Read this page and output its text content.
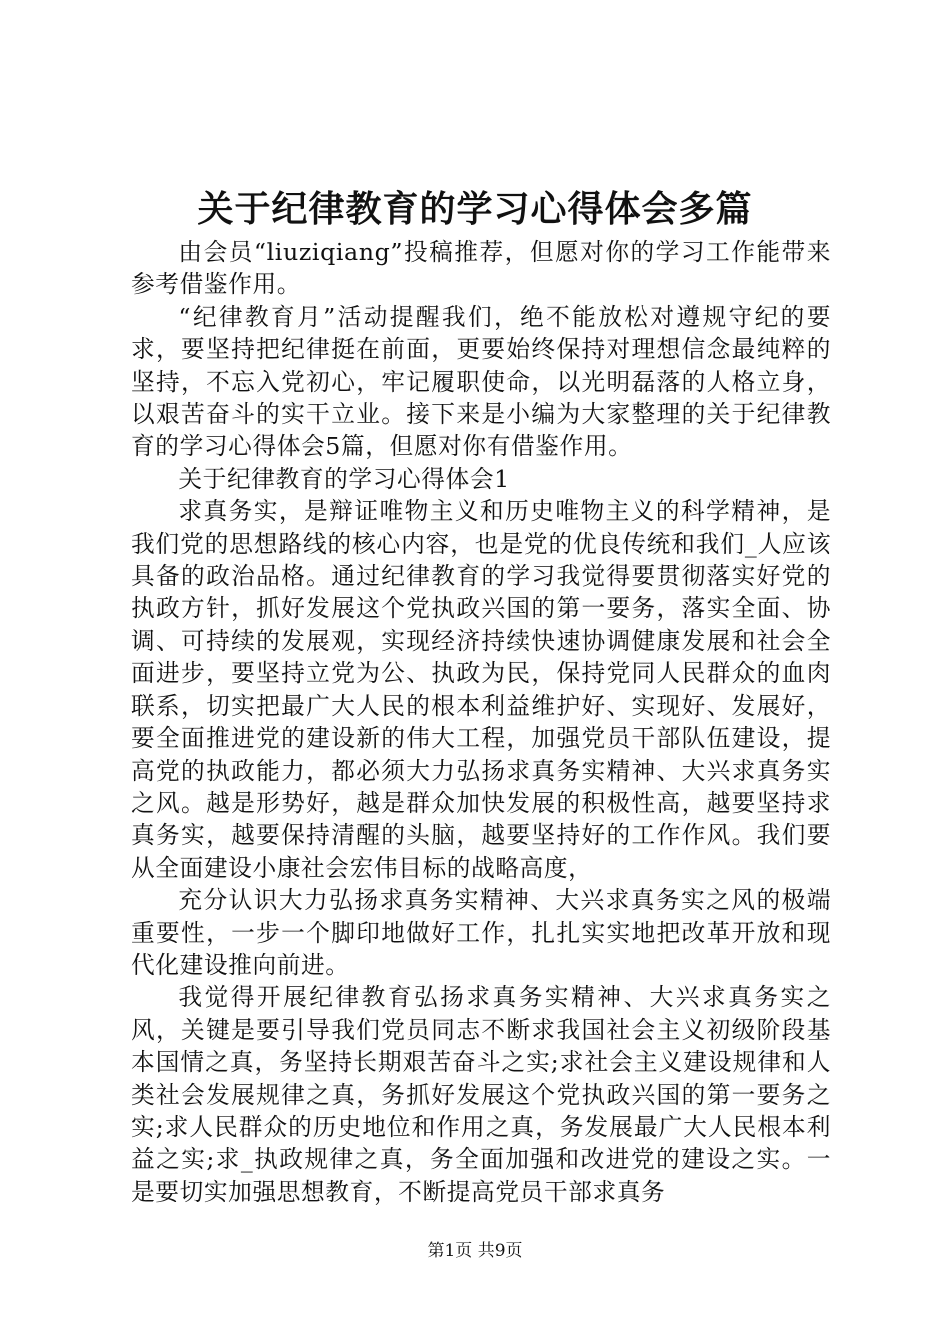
关于纪律教育的学习心得体会多篇

由会员“liuziqiang”投稿推荐，但愿对你的学习工作能带来参考借鉴作用。

“纪律教育月”活动提醒我们，绝不能放松对遵规守纪的要求，要坚持把纪律挺在前面，更要始终保持对理想信念最纯粹的坚持，不忘入党初心，牢记履职使命，以光明磊落的人格立身，以艰苦奋斗的实干立业。接下来是小编为大家整理的关于纪律教育的学习心得体会5篇，但愿对你有借鉴作用。

关于纪律教育的学习心得体会1

求真务实，是辩证唯物主义和历史唯物主义的科学精神，是我们党的思想路线的核心内容，也是党的优良传统和我们_人应该具备的政治品格。通过纪律教育的学习我觉得要贯彻落实好党的执政方针，抓好发展这个党执政兴国的第一要务，落实全面、协调、可持续的发展观，实现经济持续快速协调健康发展和社会全面进步，要坚持立党为公、执政为民，保持党同人民群众的血肉联系，切实把最广大人民的根本利益维护好、实现好、发展好，要全面推进党的建设新的伟大工程，加强党员干部队伍建设，提高党的执政能力，都必须大力弘扬求真务实精神、大兴求真务实之风。越是形势好，越是群众加快发展的积极性高，越要坚持求真务实，越要保持清醒的头脑，越要坚持好的工作作风。我们要从全面建设小康社会宏伟目标的战略高度，

充分认识大力弘扬求真务实精神、大兴求真务实之风的极端重要性，一步一个脚印地做好工作，扎扎实实地把改革开放和现代化建设推向前进。

我觉得开展纪律教育弘扬求真务实精神、大兴求真务实之风，关键是要引导我们党员同志不断求我国社会主义初级阶段基本国情之真，务坚持长期艰苦奋斗之实;求社会主义建设规律和人类社会发展规律之真，务抓好发展这个党执政兴国的第一要务之实;求人民群众的历史地位和作用之真，务发展最广大人民根本利益之实;求_执政规律之真，务全面加强和改进党的建设之实。一是要切实加强思想教育，不断提高党员干部求真务

第1页 共9页
